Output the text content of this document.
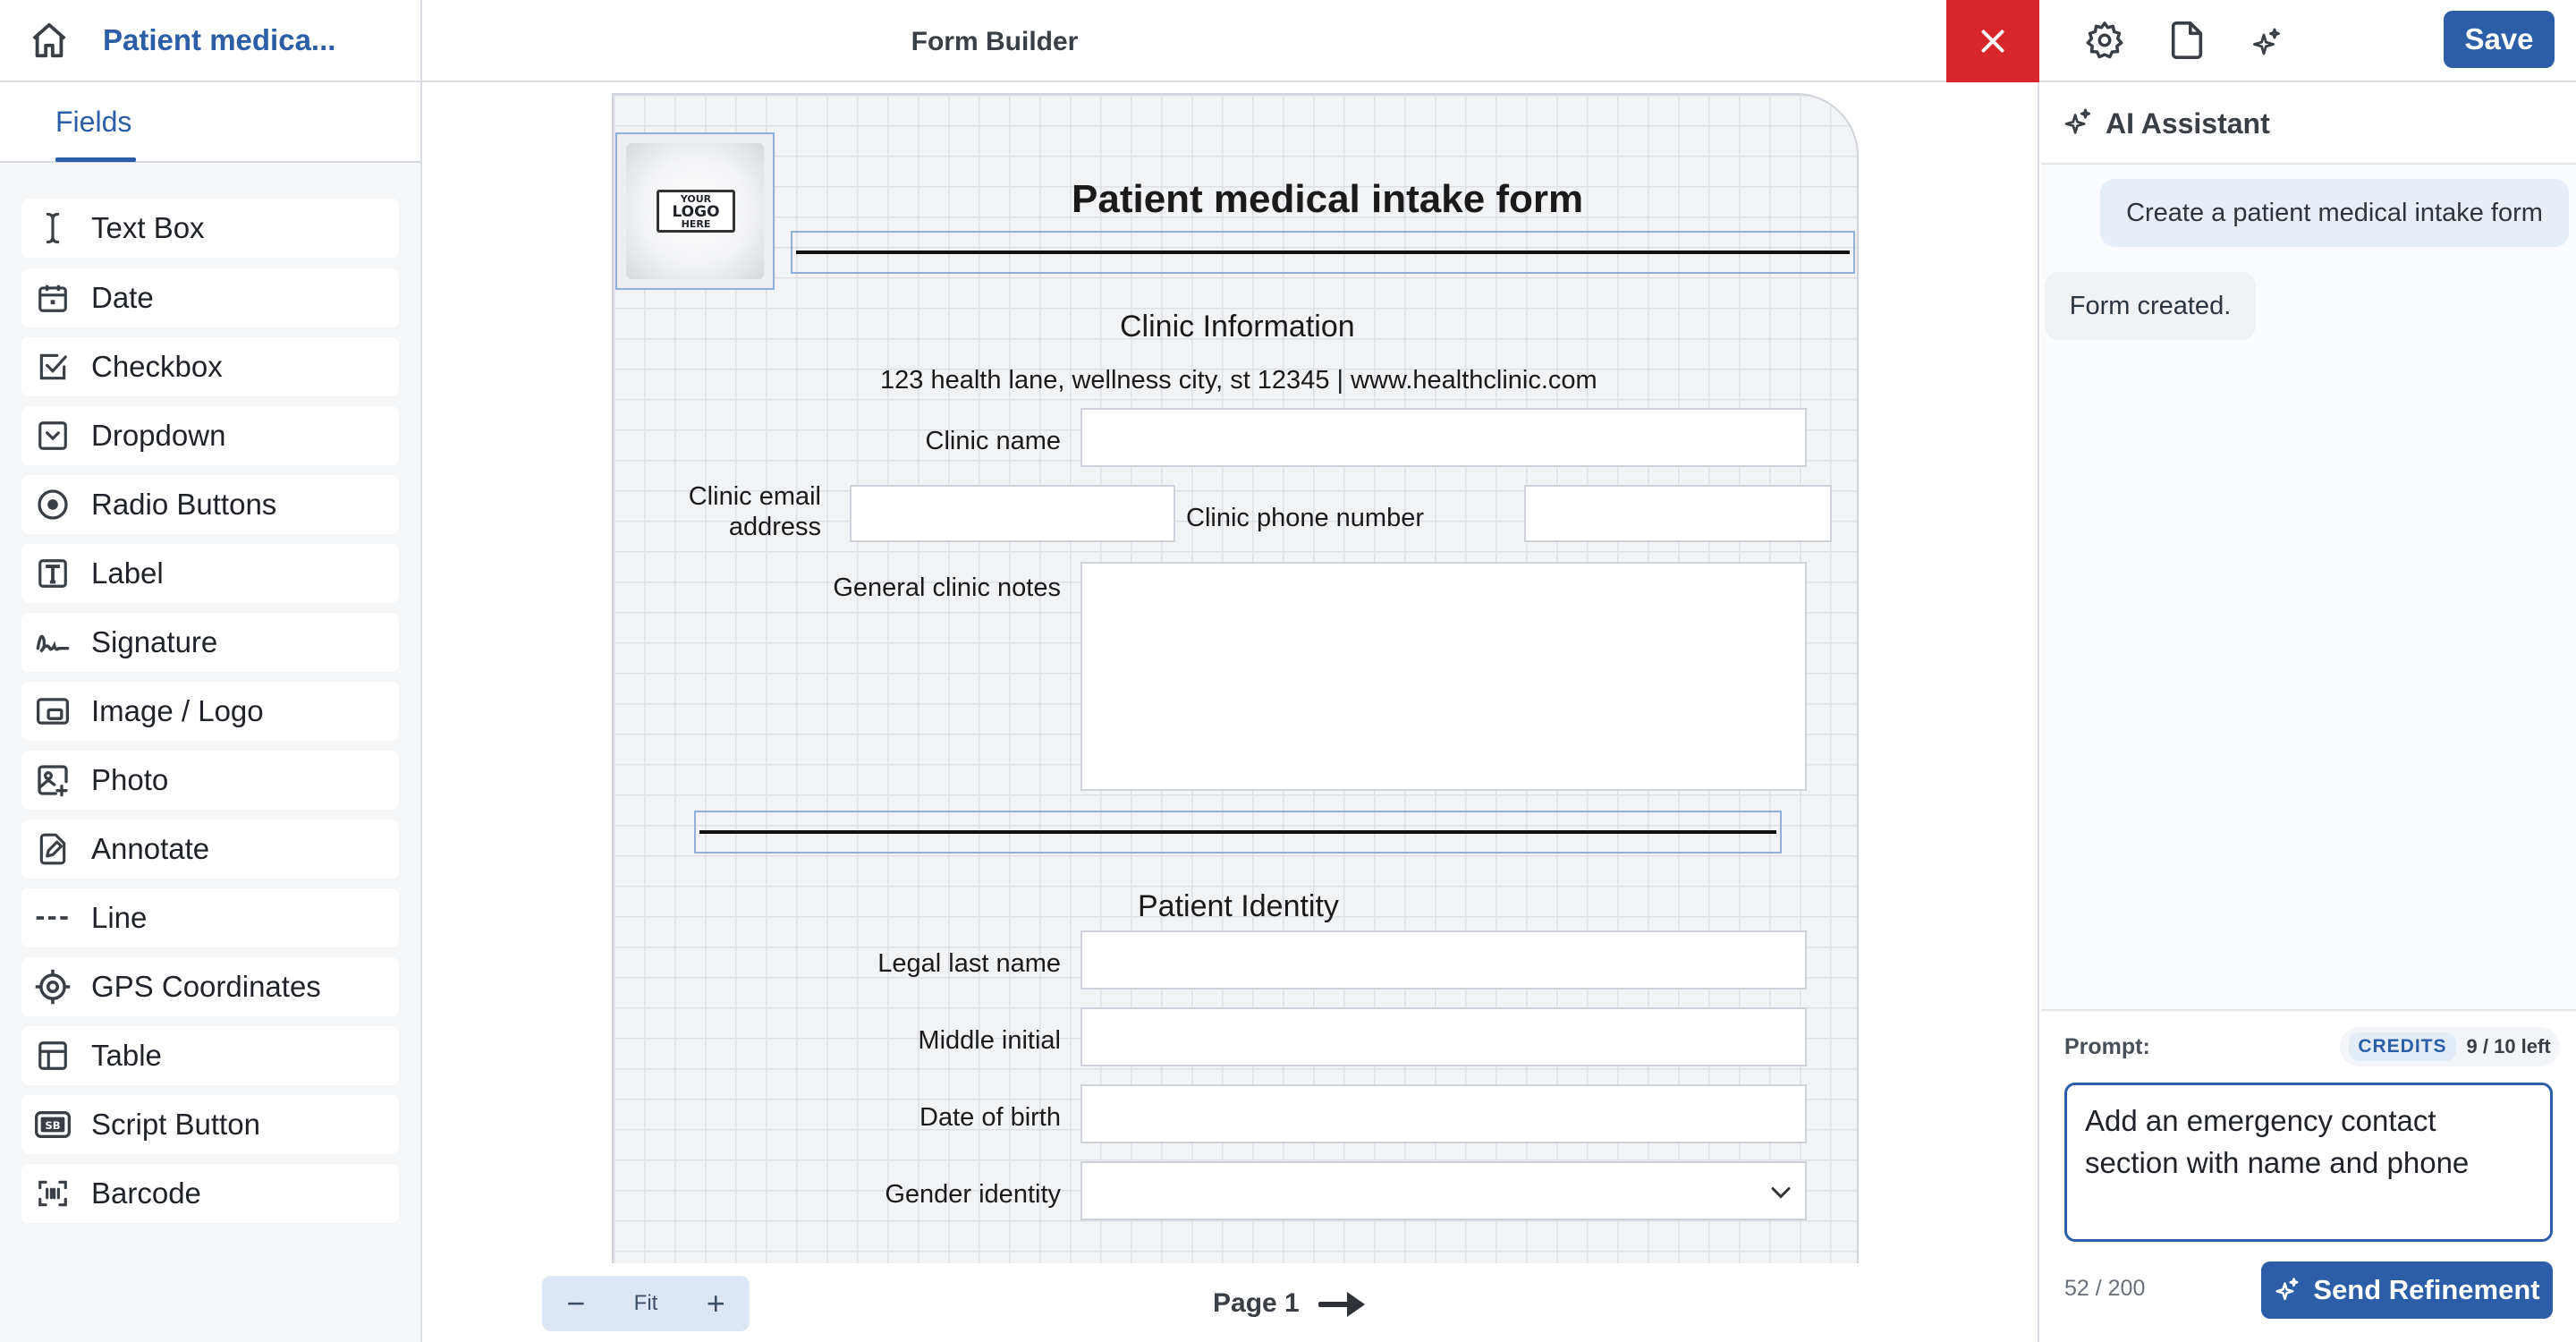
Patient medica...
Fields
Text Box
Date
Checkbox
Dropdown
Radio Buttons
Label
Signature
Image / Logo
Photo
Annotate
Line
GPS Coordinates
Table
SB Script Button
Barcode
Form Builder	Save
YOUR
LOGO
HERE
Patient medical intake form
Clinic Information
123 health lane, wellness city, st 12345 | www.healthclinic.com
Clinic name
Clinic email
address	Clinic phone number
General clinic notes
Patient Identity
Legal last name
Middle initial
Date of birth
Gender identity
− Fit +	Page 1
AI Assistant
Create a patient medical intake form
Form created.
Prompt:	CREDITS	9 / 10 left
Add an emergency contact section with name and phone
52 / 200	Send Refinement
